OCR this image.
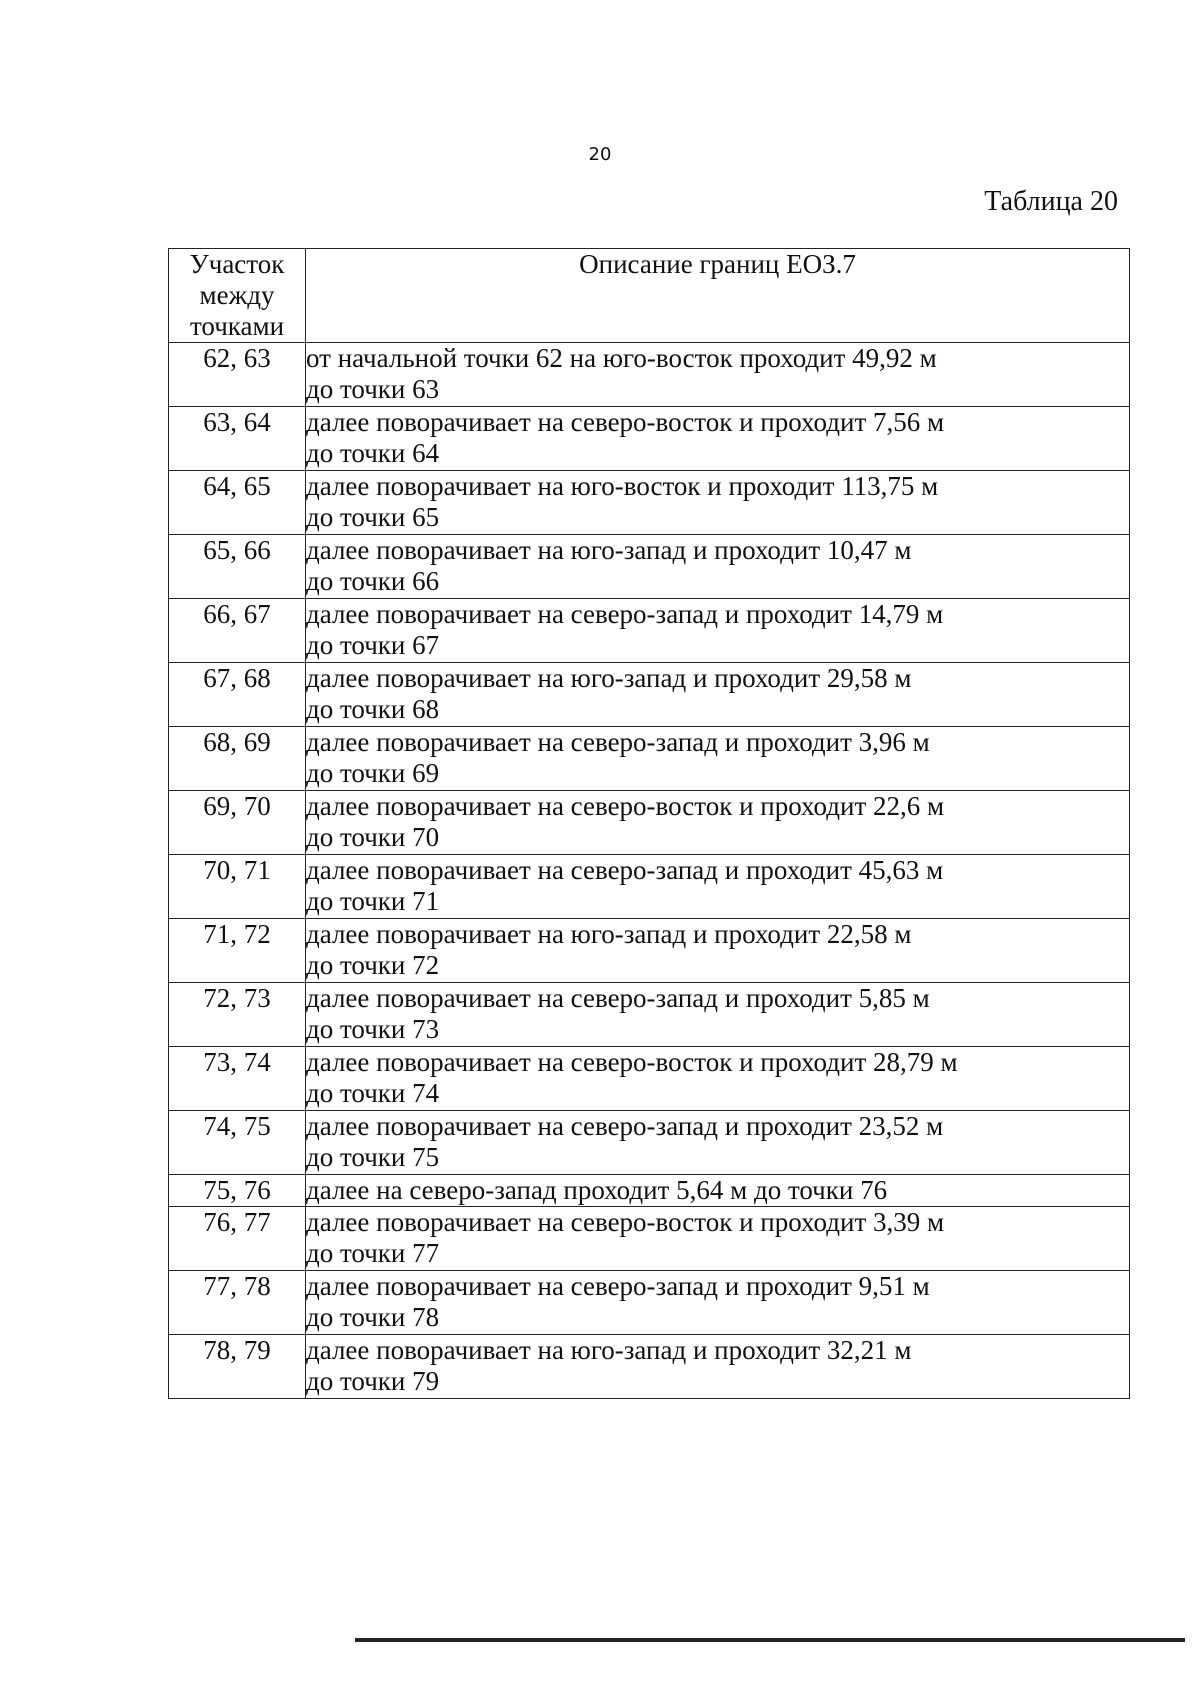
20
Таблица 20
Участок между точками	Описание границ ЕОЗ.7
62, 63	от начальной точки 62 на юго-восток проходит 49,92 м
до точки 63

63, 64	далее поворачивает на северо-восток и проходит 7,56 м
до точки 64

64, 65	далее поворачивает на юго-восток и проходит 113,75 м
до точки 65

65, 66	далее поворачивает на юго-запад и проходит 10,47 м
до точки 66

66, 67	далее поворачивает на северо-запад и проходит 14,79 м
до точки 67

67, 68	далее поворачивает на юго-запад и проходит 29,58 м
до точки 68

68, 69	далее поворачивает на северо-запад и проходит 3,96 м
до точки 69

69, 70	далее поворачивает на северо-восток и проходит 22,6 м
до точки 70

70, 71	далее поворачивает на северо-запад и проходит 45,63 м
до точки 71

71, 72	далее поворачивает на юго-запад и проходит 22,58 м
до точки 72

72, 73	далее поворачивает на северо-запад и проходит 5,85 м
до точки 73

73, 74	далее поворачивает на северо-восток и проходит 28,79 м
до точки 74

74, 75	далее поворачивает на северо-запад и проходит 23,52 м
до точки 75

75, 76	далее на северо-запад проходит 5,64 м до точки 76

76, 77	далее поворачивает на северо-восток и проходит 3,39 м
до точки 77

77, 78	далее поворачивает на северо-запад и проходит 9,51 м
до точки 78

78, 79	далее поворачивает на юго-запад и проходит 32,21 м
до точки 79
